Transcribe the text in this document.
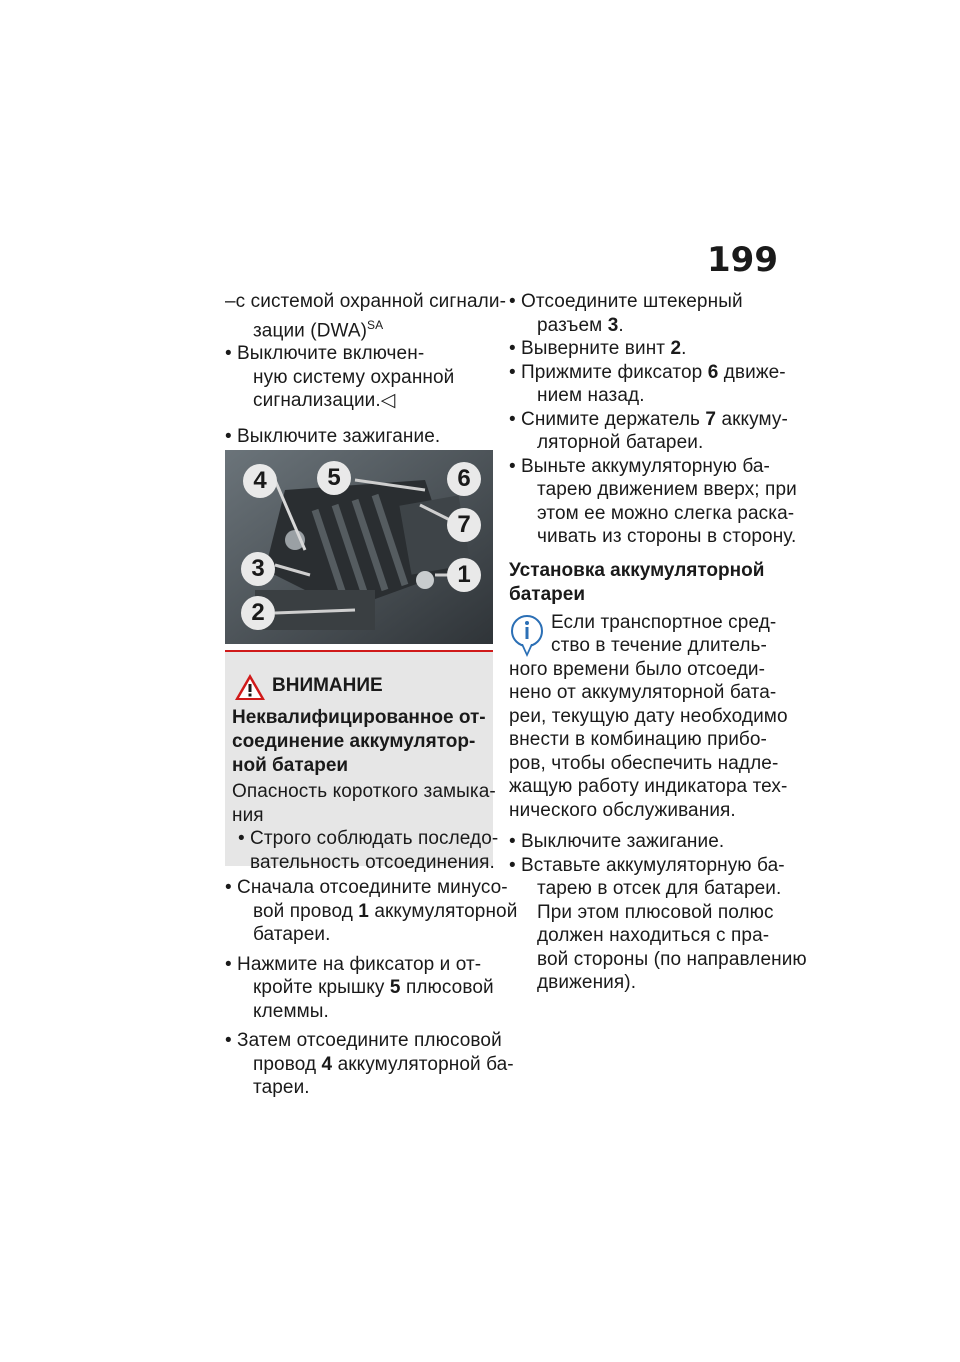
199

–с системой охранной сигнали-

зации (DWA)$^{SA}$

• Выключите включен-

ную систему охранной

сигнализации.◁

• Выключите зажигание.

4	5	6
7
3	1
2
ВНИМАНИЕ
Неквалифицированное от-
соединение аккумулятор-
ной батареи

Опасность короткого замыка-

ния

• Строго соблюдать последо-

вательность отсоединения.

• Сначала отсоедините минусо-

вой провод 1 аккумуляторной

батареи.

• Нажмите на фиксатор и от-

кройте крышку 5 плюсовой

клеммы.

• Затем отсоедините плюсовой

провод 4 аккумуляторной ба-

тареи.

• Отсоедините штекерный

разъем 3.

• Выверните винт 2.

• Прижмите фиксатор 6 движе-

нием назад.

• Снимите держатель 7 аккуму-

ляторной батареи.

• Выньте аккумуляторную ба-

тарею движением вверх; при

этом ее можно слегка раска-

чивать из стороны в сторону.

Установка аккумуляторной
батареи

Если транспортное сред-

ство в течение длитель-

ного времени было отсоеди-

нено от аккумуляторной бата-

реи, текущую дату необходимо

внести в комбинацию прибо-

ров, чтобы обеспечить надле-

жащую работу индикатора тех-

нического обслуживания.

• Выключите зажигание.

• Вставьте аккумуляторную ба-

тарею в отсек для батареи.

При этом плюсовой полюс

должен находиться с пра-

вой стороны (по направлению

движения).
